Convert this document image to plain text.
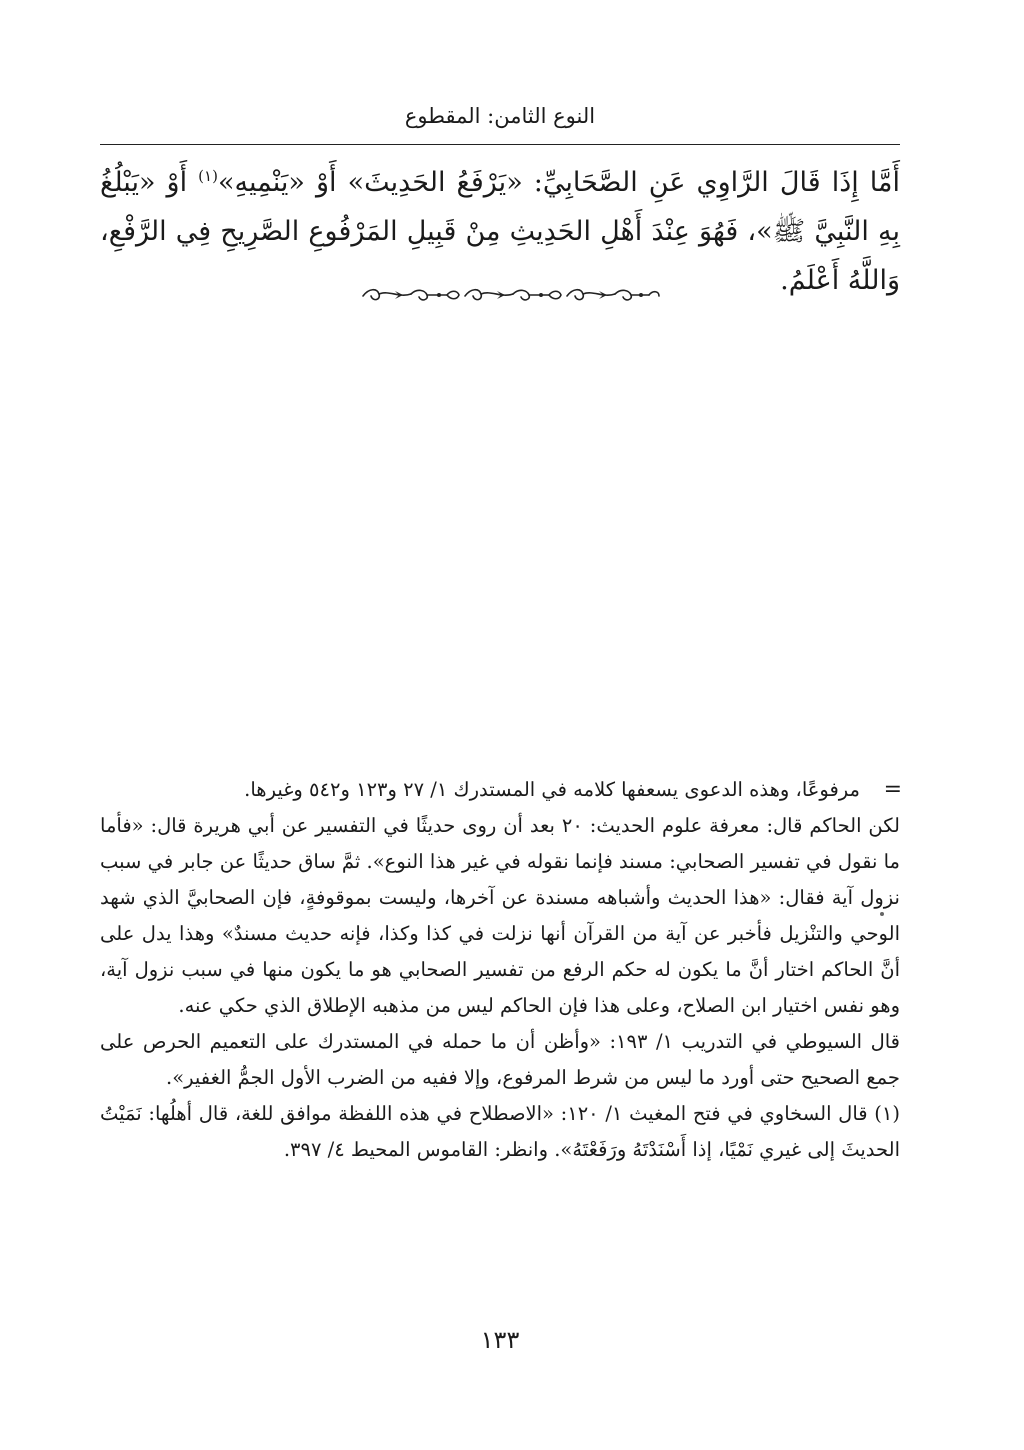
النوع الثامن: المقطوع

أَمَّا إِذَا قَالَ الرَّاوِي عَنِ الصَّحَابِيِّ: «يَرْفَعُ الحَدِيثَ» أَوْ «يَنْمِيهِ»$^{(١)}$ أَوْ «يَبْلُغُ بِهِ النَّبِيَّ ﷺ»، فَهُوَ عِنْدَ أَهْلِ الحَدِيثِ مِنْ قَبِيلِ المَرْفُوعِ الصَّرِيحِ فِي الرَّفْعِ، وَاللَّهُ أَعْلَمُ.

=
مرفوعًا، وهذه الدعوى يسعفها كلامه في المستدرك ١/ ٢٧ و١٢٣ و٥٤٢ وغيرها.

لكن الحاكم قال: معرفة علوم الحديث: ٢٠ بعد أن روى حديثًا في التفسير عن أبي هريرة قال: «فأما ما نقول في تفسير الصحابي: مسند فإنما نقوله في غير هذا النوع». ثمَّ ساق حديثًا عن جابر في سبب نزول آية فقال: «هذا الحديث وأشباهه مسندة عن آخرها، وليست بموقوفةٍ، فإن الصحابيَّ الذي شهد الوحي والتنْزيل فأخبر عن آية من القرآن أنها نزلت في كذا وكذا، فإنه حديث مسندٌ» وهذا يدل على أنَّ الحاكم اختار أنَّ ما يكون له حكم الرفع من تفسير الصحابي هو ما يكون منها في سبب نزول آية، وهو نفس اختيار ابن الصلاح، وعلى هذا فإن الحاكم ليس من مذهبه الإطلاق الذي حكي عنه.

قال السيوطي في التدريب ١/ ١٩٣: «وأظن أن ما حمله في المستدرك على التعميم الحرص على جمع الصحيح حتى أورد ما ليس من شرط المرفوع، وإلا ففيه من الضرب الأول الجمُّ الغفير».

(١) قال السخاوي في فتح المغيث ١/ ١٢٠: «الاصطلاح في هذه اللفظة موافق للغة، قال أهلُها: نَمَيْتُ الحديثَ إلى غيري نَمْيًا، إذا أَسْنَدْتَهُ ورَفَعْتَهُ». وانظر: القاموس المحيط ٤/ ٣٩٧.

١٣٣
